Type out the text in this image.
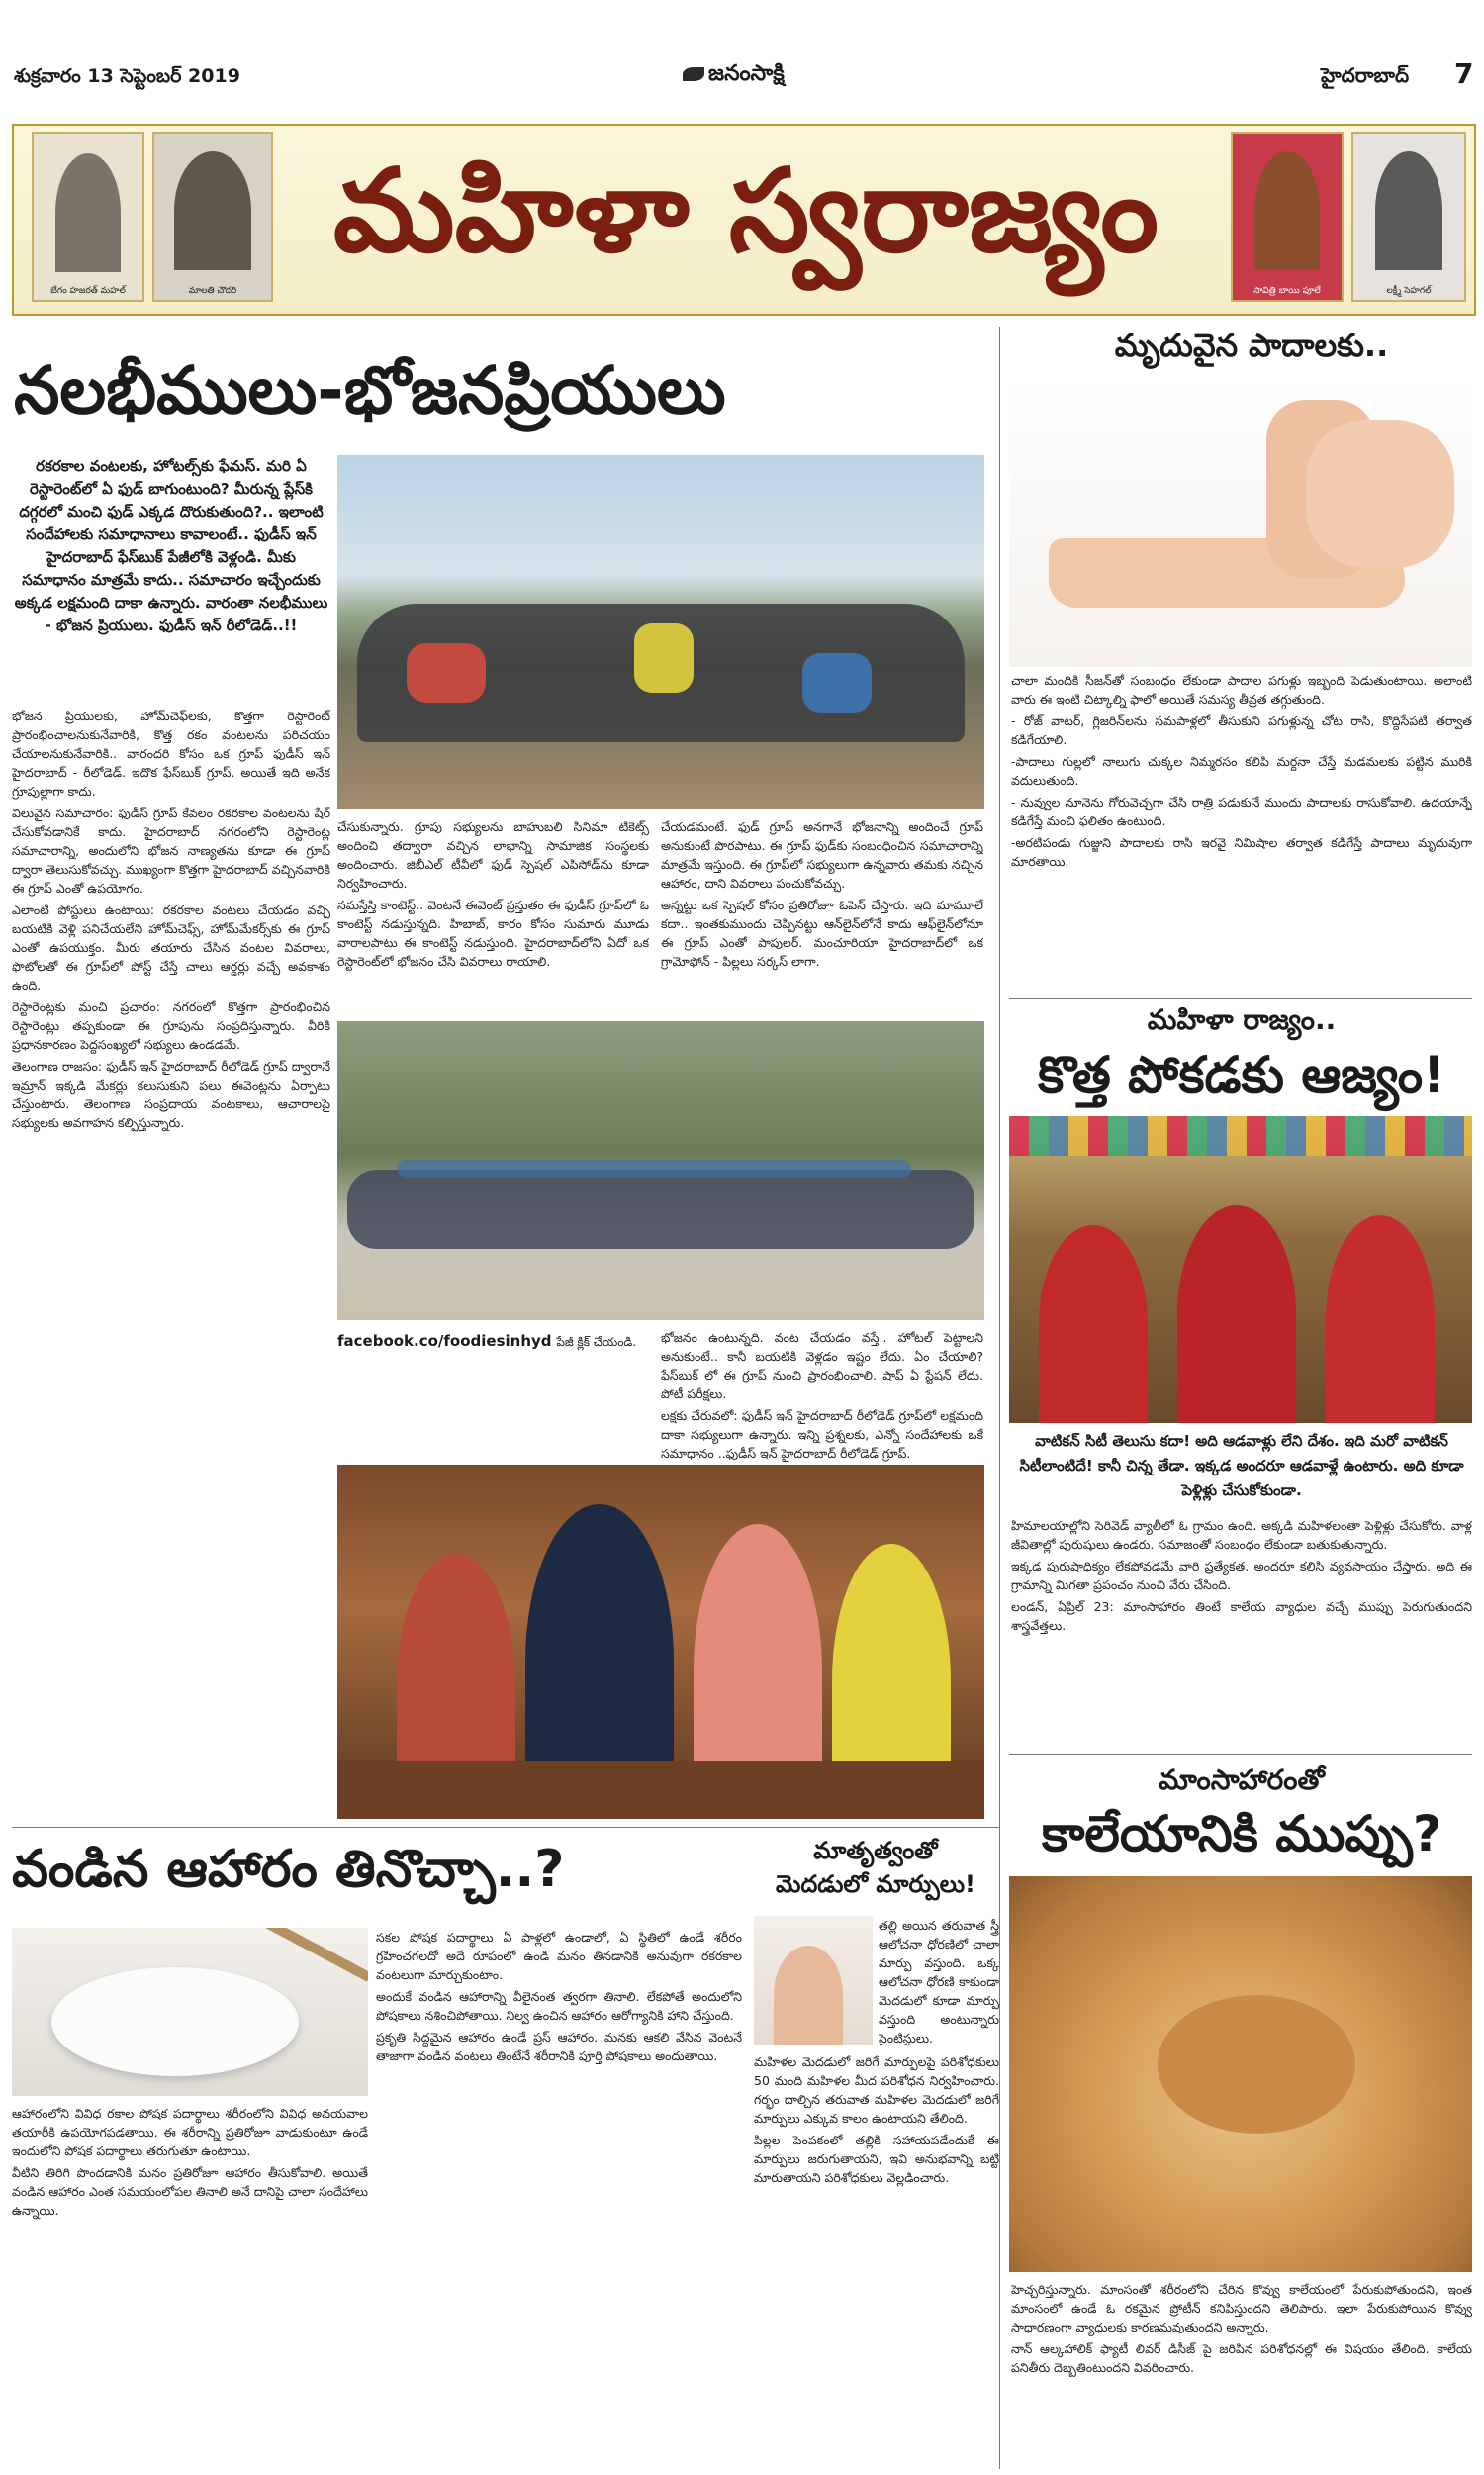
శుక్రవారం 13 సెప్టెంబర్ 2019	జనంసాక్షి	హైదరాబాద్ 7
బేగం హజరత్ మహల్	మాలతి చౌదరి
మహిళా స్వరాజ్యం
సావిత్రి బాయి పూలే	లక్ష్మీ సెహగల్
నలభీములు-భోజనప్రియులు
రకరకాల వంటలకు, హోటల్స్‌కు ఫేమస్. మరి ఏ రెస్టారెంట్‌లో ఏ ఫుడ్ బాగుంటుంది? మీరున్న ప్లేస్‌కి దగ్గరలో మంచి ఫుడ్ ఎక్కడ దొరుకుతుంది?.. ఇలాంటి సందేహాలకు సమాధానాలు కావాలంటే.. ఫుడీస్ ఇన్ హైదరాబాద్ ఫేస్‌బుక్ పేజీలోకి వెళ్లండి. మీకు సమాధానం మాత్రమే కాదు.. సమాచారం ఇచ్చేందుకు అక్కడ లక్షమంది దాకా ఉన్నారు. వారంతా నలభీములు - భోజన ప్రియులు. ఫుడీస్ ఇన్ రీలోడెడ్..!!

భోజన ప్రియులకు, హోమ్‌చెఫ్‌లకు, కొత్తగా రెస్టారెంట్ ప్రారంభించాలనుకునేవారికి, కొత్త రకం వంటలను పరిచయం చేయాలనుకునేవారికి.. వారందరి కోసం ఒక గ్రూప్ ఫుడీస్ ఇన్ హైదరాబాద్ - రీలోడెడ్. ఇదొక ఫేస్‌బుక్ గ్రూప్. అయితే ఇది అనేక గ్రూపుల్లాగా కాదు.

విలువైన సమాచారం: ఫుడీస్ గ్రూప్ కేవలం రకరకాల వంటలను షేర్ చేసుకోవడానికే కాదు. హైదరాబాద్ నగరంలోని రెస్టారెంట్ల సమాచారాన్ని, అందులోని భోజన నాణ్యతను కూడా ఈ గ్రూప్ ద్వారా తెలుసుకోవచ్చు. ముఖ్యంగా కొత్తగా హైదరాబాద్ వచ్చినవారికి ఈ గ్రూప్ ఎంతో ఉపయోగం.

ఎలాంటి పోస్టులు ఉంటాయి: రకరకాల వంటలు చేయడం వచ్చి బయటికి వెళ్లి పనిచేయలేని హోమ్‌చెఫ్స్, హోమ్‌మేకర్స్‌కు ఈ గ్రూప్ ఎంతో ఉపయుక్తం. మీరు తయారు చేసిన వంటల వివరాలు, ఫొటోలతో ఈ గ్రూప్‌లో పోస్ట్ చేస్తే చాలు ఆర్డర్లు వచ్చే అవకాశం ఉంది.

రెస్టారెంట్లకు మంచి ప్రచారం: నగరంలో కొత్తగా ప్రారంభించిన రెస్టారెంట్లు తప్పకుండా ఈ గ్రూపును సంప్రదిస్తున్నారు. వీరికి ప్రధానకారణం పెద్దసంఖ్యలో సభ్యులు ఉండడమే.

తెలంగాణ రాజసం: ఫుడీస్ ఇన్ హైదరాబాద్ రీలోడెడ్ గ్రూప్ ద్వారానే ఇమ్రాన్ ఇక్కడి మేకర్లు కలుసుకుని పలు ఈవెంట్లను ఏర్పాటు చేస్తుంటారు. తెలంగాణ సంప్రదాయ వంటకాలు, ఆచారాలపై సభ్యులకు అవగాహన కల్పిస్తున్నారు.

చేసుకున్నారు. గ్రూపు సభ్యులను బాహుబలి సినిమా టికెట్స్ అందించి తద్వారా వచ్చిన లాభాన్ని సామాజిక సంస్థలకు అందించారు. జిబీఎల్ టీవీలో ఫుడ్ స్పెషల్ ఎపిసోడ్‌ను కూడా నిర్వహించారు.

నమస్తేస్తి కాంటెస్ట్.. వెంటనే ఈవెంట్ ప్రస్తుతం ఈ ఫుడీస్ గ్రూప్‌లో ఓ కాంటెస్ట్ నడుస్తున్నది. హిబాబ్, కారం కోసం సుమారు మూడు వారాలపాటు ఈ కాంటెస్ట్ నడుస్తుంది. హైదరాబాద్‌లోని ఏదో ఒక రెస్టారెంట్‌లో భోజనం చేసి వివరాలు రాయాలి.

చేయడమంటే. ఫుడ్ గ్రూప్ అనగానే భోజనాన్ని అందించే గ్రూప్ అనుకుంటే పొరపాటు. ఈ గ్రూప్ ఫుడ్‌కు సంబంధించిన సమాచారాన్ని మాత్రమే ఇస్తుంది. ఈ గ్రూప్‌లో సభ్యులుగా ఉన్నవారు తమకు నచ్చిన ఆహారం, దాని వివరాలు పంచుకోవచ్చు.

అన్నట్టు ఒక స్పెషల్ కోసం ప్రతిరోజూ ఓపెన్ చేస్తారు. ఇది మామూలే కదా.. ఇంతకుముందు చెప్పినట్టు ఆన్‌లైన్‌లోనే కాదు ఆఫ్‌లైన్‌లోనూ ఈ గ్రూప్ ఎంతో పాపులర్. మంచూరియా హైదరాబాద్‌లో ఒక గ్రామోఫోన్ - పిల్లలు సర్కస్ లాగా.

భోజనం ఉంటున్నది. వంట చేయడం వస్తే.. హోటల్ పెట్టాలని అనుకుంటే.. కానీ బయటికి వెళ్లడం ఇష్టం లేదు. ఏం చేయాలి? ఫేస్‌బుక్ లో ఈ గ్రూప్ నుంచి ప్రారంభించాలి. షాప్ ఏ స్టేషన్ లేదు. పోటీ పరీక్షలు.

లక్షకు చేరువలో: ఫుడీస్ ఇన్ హైదరాబాద్ రీలోడెడ్ గ్రూప్‌లో లక్షమంది దాకా సభ్యులుగా ఉన్నారు. ఇన్ని ప్రశ్నలకు, ఎన్నో సందేహాలకు ఒకే సమాధానం ..ఫుడీస్ ఇన్ హైదరాబాద్ రీలోడెడ్ గ్రూప్.

facebook.co/foodiesinhyd పేజీ క్లిక్ చేయండి.
మృదువైన పాదాలకు..

చాలా మందికి సీజన్‌తో సంబంధం లేకుండా పాదాల పగుళ్లు ఇబ్బంది పెడుతుంటాయి. అలాంటి వారు ఈ ఇంటి చిట్కాల్ని ఫాలో అయితే సమస్య తీవ్రత తగ్గుతుంది.

- రోజ్ వాటర్, గ్లిజరిన్‌లను సమపాళ్లలో తీసుకుని పగుళ్లున్న చోట రాసి, కొద్దిసేపటి తర్వాత కడిగేయాలి.

-పాదాలు గుల్లలో నాలుగు చుక్కల నిమ్మరసం కలిపి మర్దనా చేస్తే మడమలకు పట్టిన మురికి వదులుతుంది.

- నువ్వుల నూనెను గోరువెచ్చగా చేసి రాత్రి పడుకునే ముందు పాదాలకు రాసుకోవాలి. ఉదయాన్నే కడిగేస్తే మంచి ఫలితం ఉంటుంది.

-అరటిపండు గుజ్జుని పాదాలకు రాసి ఇరవై నిమిషాల తర్వాత కడిగేస్తే పాదాలు మృదువుగా మారతాయి.

మహిళా రాజ్యం..
కొత్త పోకడకు ఆజ్యం!
వాటికన్ సిటీ తెలుసు కదా! అది ఆడవాళ్లు లేని దేశం. ఇది మరో వాటికన్ సిటీలాంటిదే! కానీ చిన్న తేడా. ఇక్కడ అందరూ ఆడవాళ్లే ఉంటారు. అది కూడా పెళ్లిళ్లు చేసుకోకుండా.

హిమాలయాల్లోని సెరివెడ్ వ్యాలీలో ఓ గ్రామం ఉంది. అక్కడి మహిళలంతా పెళ్లిళ్లు చేసుకోరు. వాళ్ల జీవితాల్లో పురుషులు ఉండరు. సమాజంతో సంబంధం లేకుండా బతుకుతున్నారు.

ఇక్కడ పురుషాధిక్యం లేకపోవడమే వారి ప్రత్యేకత. అందరూ కలిసి వ్యవసాయం చేస్తారు. అది ఈ గ్రామాన్ని మిగతా ప్రపంచం నుంచి వేరు చేసింది.

లండన్, ఏప్రిల్ 23: మాంసాహారం తింటే కాలేయ వ్యాధుల వచ్చే ముప్పు పెరుగుతుందని శాస్త్రవేత్తలు.

మాంసాహారంతో
కాలేయానికి ముప్పు?

హెచ్చరిస్తున్నారు. మాంసంతో శరీరంలోని చేరిన కొవ్వు కాలేయంలో పేరుకుపోతుందని, ఇంత మాంసంలో ఉండే ఓ రకమైన ప్రోటీన్ కనిపిస్తుందని తెలిపారు. ఇలా పేరుకుపోయిన కొవ్వు సాధారణంగా వ్యాధులకు కారణమవుతుందని అన్నారు.

నాన్ ఆల్కహాలిక్ ఫ్యాటీ లివర్ డిసీజ్ పై జరిపిన పరిశోధనల్లో ఈ విషయం తేలింది. కాలేయ పనితీరు దెబ్బతింటుందని వివరించారు.

వండిన ఆహారం తినొచ్చా..?

ఆహారంలోని వివిధ రకాల పోషక పదార్థాలు శరీరంలోని వివిధ అవయవాల తయారీకి ఉపయోగపడతాయి. ఈ శరీరాన్ని ప్రతిరోజూ వాడుకుంటూ ఉండే ఇందులోని పోషక పదార్థాలు తరుగుతూ ఉంటాయి.

వీటిని తిరిగి పొందడానికి మనం ప్రతిరోజూ ఆహారం తీసుకోవాలి. అయితే వండిన ఆహారం ఎంత సమయంలోపల తినాలి అనే దానిపై చాలా సందేహాలు ఉన్నాయి.

సకల పోషక పదార్థాలు ఏ పాళ్లలో ఉండాలో, ఏ స్థితిలో ఉండే శరీరం గ్రహించగలదో అదే రూపంలో ఉండి మనం తినడానికి అనువుగా రకరకాల వంటలుగా మార్చుకుంటాం.

అందుకే వండిన ఆహారాన్ని వీలైనంత త్వరగా తినాలి. లేకపోతే అందులోని పోషకాలు నశించిపోతాయి. నిల్వ ఉంచిన ఆహారం ఆరోగ్యానికి హాని చేస్తుంది.

ప్రకృతి సిద్ధమైన ఆహారం ఉండే ప్రస్ ఆహారం. మనకు ఆకలి వేసిన వెంటనే తాజాగా వండిన వంటలు తింటేనే శరీరానికి పూర్తి పోషకాలు అందుతాయి.

మాతృత్వంతో
మెదడులో మార్పులు!

తల్లి అయిన తరువాత స్త్రీ ఆలోచనా ధోరణిలో చాలా మార్పు వస్తుంది. ఒక్క ఆలోచనా ధోరణి కాకుండా మెదడులో కూడా మార్పు వస్తుంది అంటున్నారు సైంటిస్టులు.

మహిళల మెదడులో జరిగే మార్పులపై పరిశోధకులు 50 మంది మహిళల మీద పరిశోధన నిర్వహించారు. గర్భం దాల్చిన తరువాత మహిళల మెదడులో జరిగే మార్పులు ఎక్కువ కాలం ఉంటాయని తేలింది.

పిల్లల పెంపకంలో తల్లికి సహాయపడేందుకే ఈ మార్పులు జరుగుతాయని, ఇవి అనుభవాన్ని బట్టి మారుతాయని పరిశోధకులు వెల్లడించారు.
